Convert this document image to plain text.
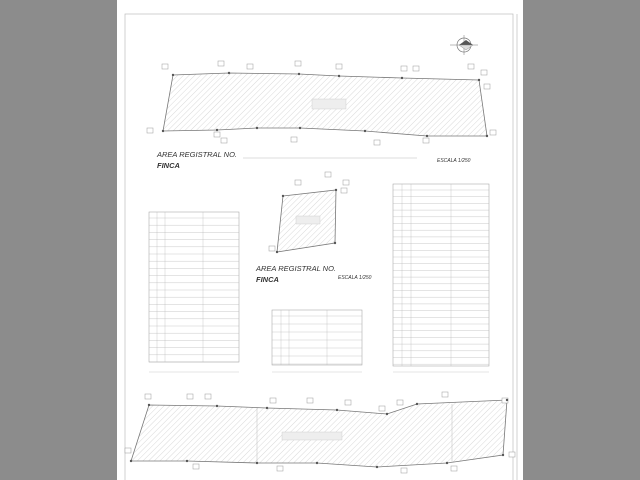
AREA REGISTRAL NO.
FINCA	ESCALA 1/250
AREA REGISTRAL NO.
FINCA	ESCALA 1/250
